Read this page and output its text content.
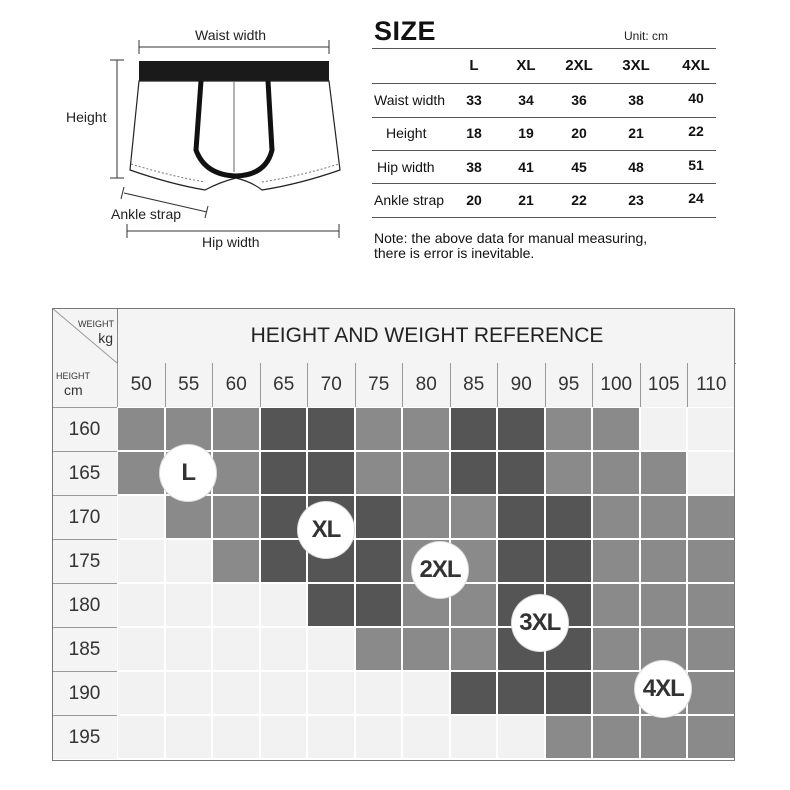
Waist width
Height
Ankle strap
Hip width
SIZE	Unit: cm
L	XL	2XL	3XL	4XL
Waist width	33	34	36	38	40
Height	18	19	20	21	22
Hip width	38	41	45	48	51
Ankle strap	20	21	22	23	24
Note: the above data for manual measuring,
there is error is inevitable.
WEIGHT
kg
HEIGHT
cm
HEIGHT AND WEIGHT REFERENCE
50	55	60	65	70	75	80	85	90	95	100 105 110
160
165
170
175
180
185
190
195
L
XL
2XL
3XL
4XL
